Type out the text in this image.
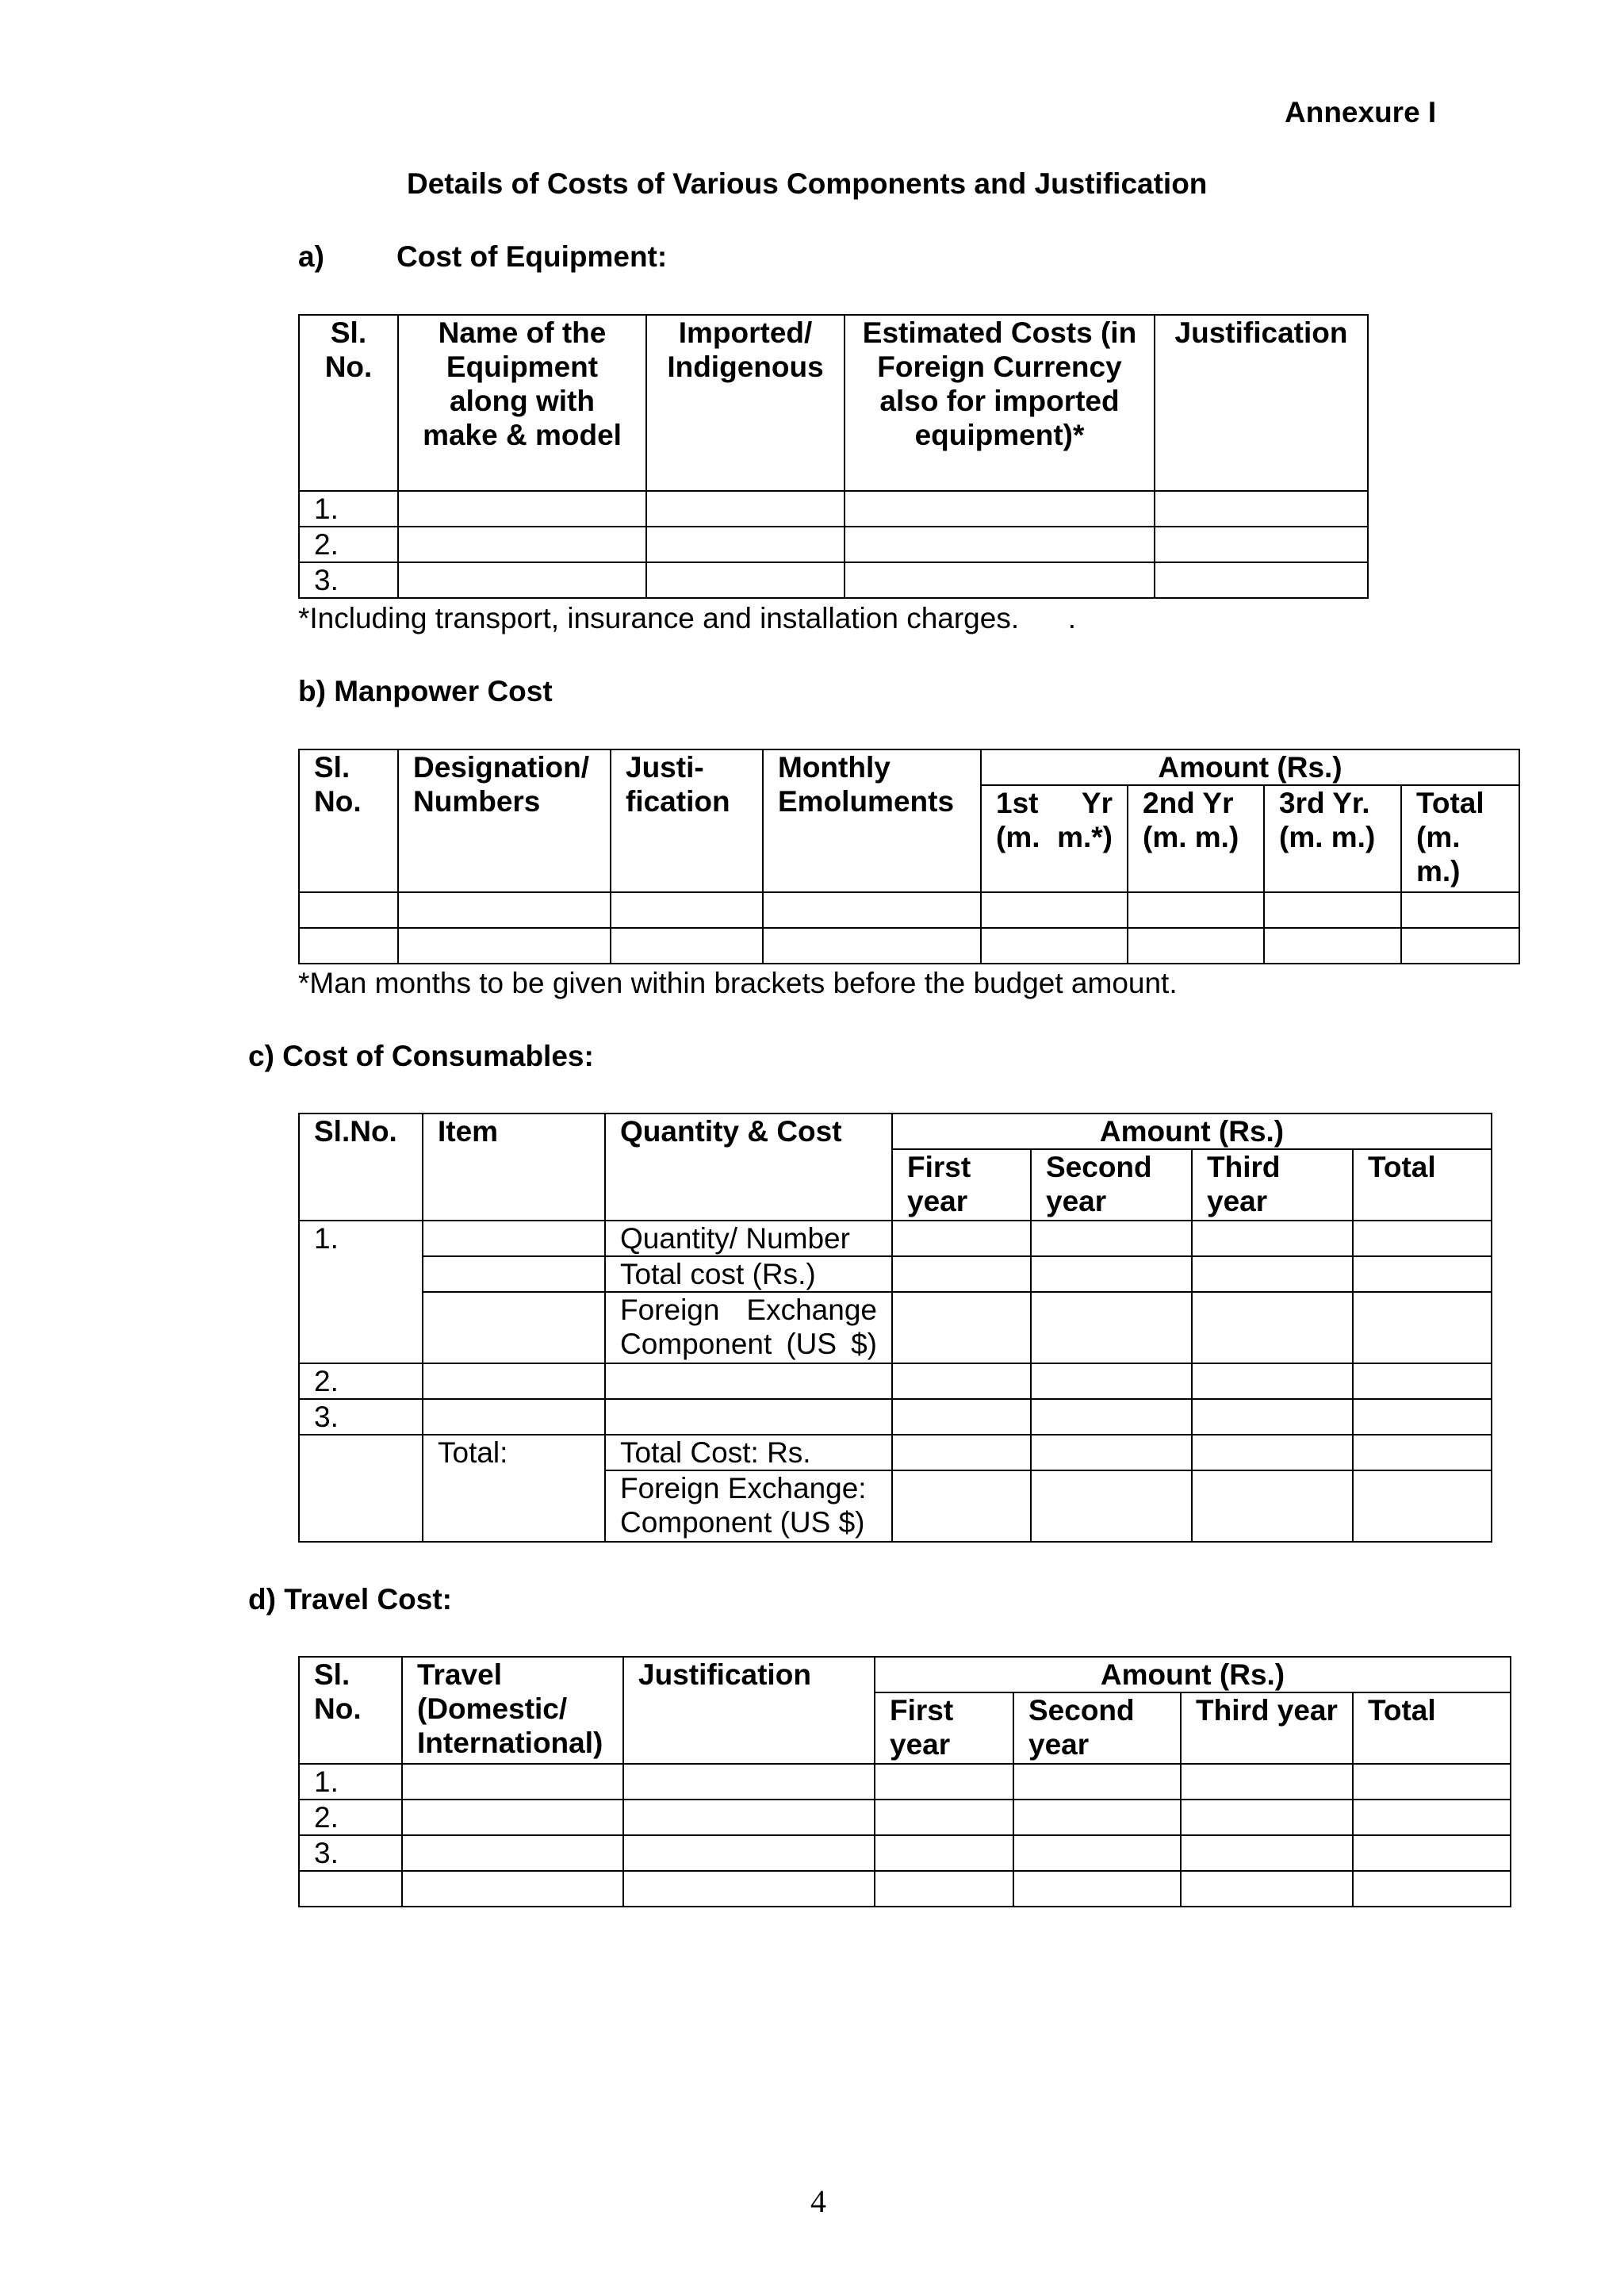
Annexure I
Details of Costs of Various Components and Justification
a) Cost of Equipment:
Sl. No.	Name of the Equipment along with make & model	Imported/ Indigenous	Estimated Costs (in Foreign Currency also for imported equipment)*	Justification
1.				
2.				
3.				
*Including transport, insurance and installation charges.      .
b) Manpower Cost
Sl. No.	Designation/ Numbers	Justi- fication	Monthly Emoluments	Amount (Rs.)			
				1st Yr (m. m.*)	2nd Yr (m. m.)	3rd Yr. (m. m.)	Total (m. m.)

*Man months to be given within brackets before the budget amount.
c) Cost of Consumables:
Sl.No.	Item	Quantity & Cost	Amount (Rs.)			
			First year	Second year	Third year	Total
1.		Quantity/ Number				
		Total cost (Rs.)				
		Foreign Exchange Component (US $)				
2.						
3.						
	Total:	Total Cost: Rs.				
		Foreign Exchange: Component (US $)				
d) Travel Cost:
Sl. No.	Travel (Domestic/ International)	Justification	Amount (Rs.)			
			First year	Second year	Third year	Total
1.						
2.						
3.						

4
